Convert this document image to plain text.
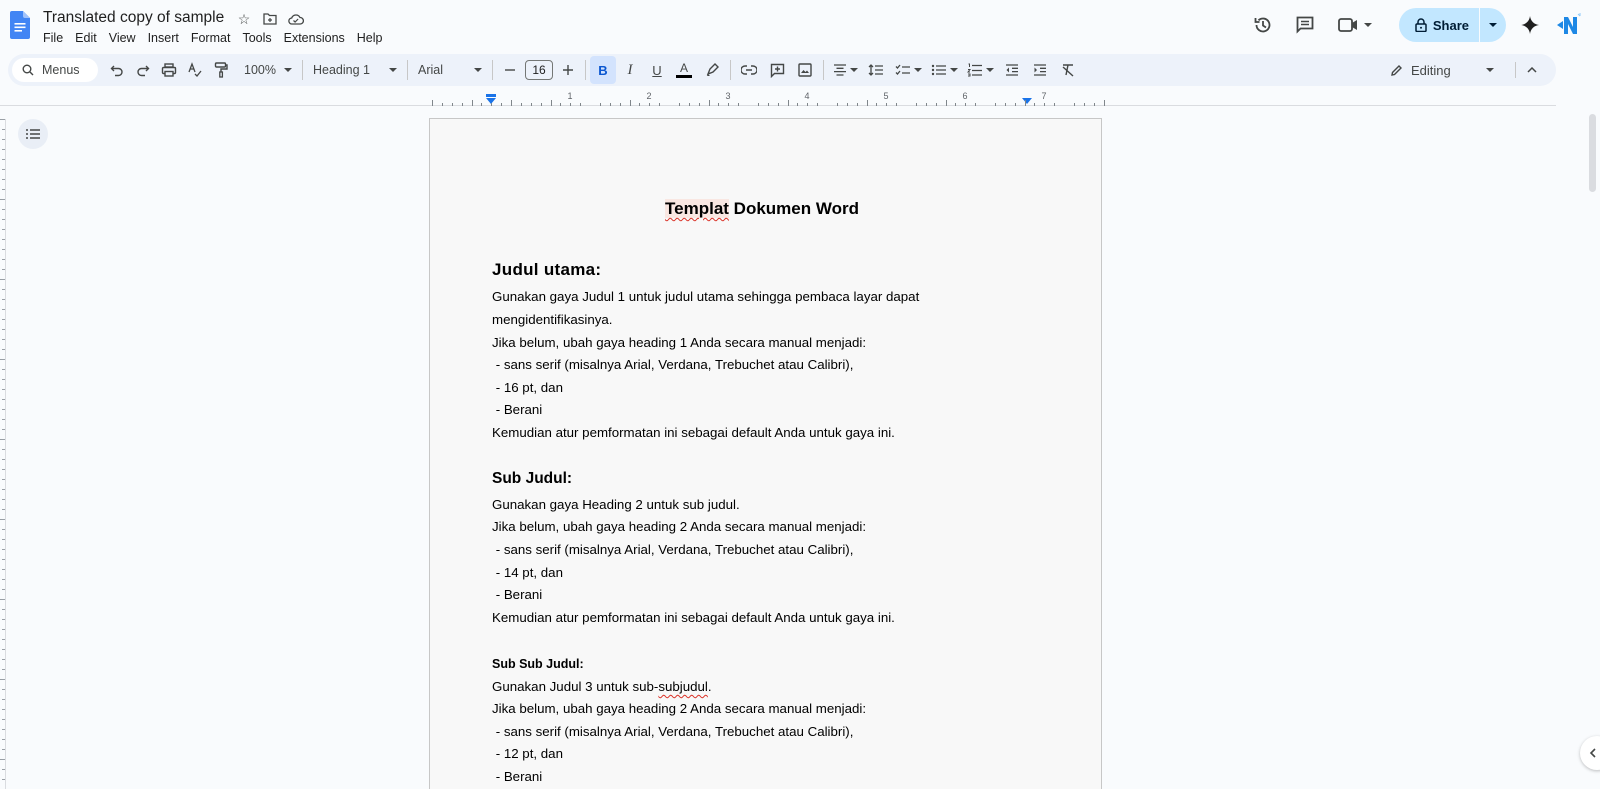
Translated copy of sample ☆
File Edit View Insert Format Tools Extensions Help
Share
Menus	100%	Heading 1	Arial	16	B I U A	Editing
1	2	3	4	5	6	7
Templat Dokumen Word
Judul utama:
Gunakan gaya Judul 1 untuk judul utama sehingga pembaca layar dapat
mengidentifikasinya.
Jika belum, ubah gaya heading 1 Anda secara manual menjadi:
- sans serif (misalnya Arial, Verdana, Trebuchet atau Calibri),
- 16 pt, dan
- Berani
Kemudian atur pemformatan ini sebagai default Anda untuk gaya ini.
Sub Judul:
Gunakan gaya Heading 2 untuk sub judul.
Jika belum, ubah gaya heading 2 Anda secara manual menjadi:
- sans serif (misalnya Arial, Verdana, Trebuchet atau Calibri),
- 14 pt, dan
- Berani
Kemudian atur pemformatan ini sebagai default Anda untuk gaya ini.
Sub Sub Judul:
Gunakan Judul 3 untuk sub-subjudul.
Jika belum, ubah gaya heading 2 Anda secara manual menjadi:
- sans serif (misalnya Arial, Verdana, Trebuchet atau Calibri),
- 12 pt, dan
- Berani
